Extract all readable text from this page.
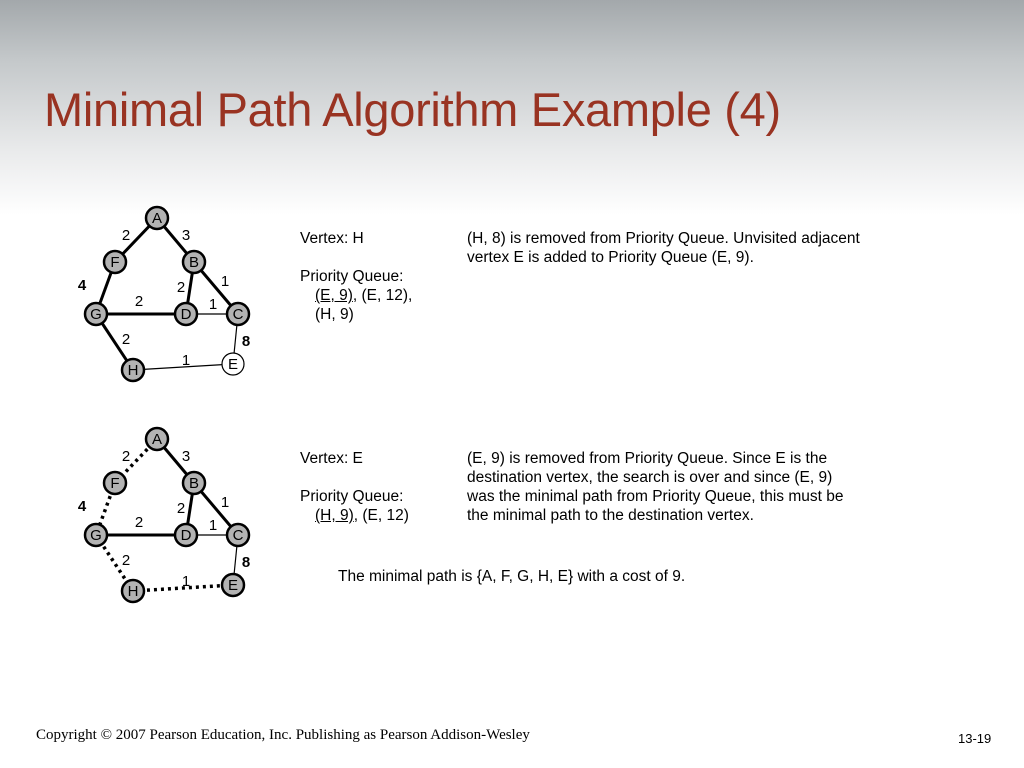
Minimal Path Algorithm Example (4)
2	3
4	2 1
2	1
2
1
8
A
F	B
G	D	C
H	E
2	3
4	2 1
2	1
2
1
8
A
F	B
G	D	C
H	E
Vertex: H
Priority Queue:
(E, 9), (E, 12),
(H, 9)
(H, 8) is removed from Priority Queue. Unvisited adjacent
vertex E is added to Priority Queue (E, 9).
Vertex: E
Priority Queue:
(H, 9), (E, 12)
(E, 9) is removed from Priority Queue. Since E is the
destination vertex, the search is over and since (E, 9)
was the minimal path from Priority Queue, this must be
the minimal path to the destination vertex.
The minimal path is {A, F, G, H, E} with a cost of 9.
Copyright © 2007 Pearson Education, Inc. Publishing as Pearson Addison-Wesley	13-19
